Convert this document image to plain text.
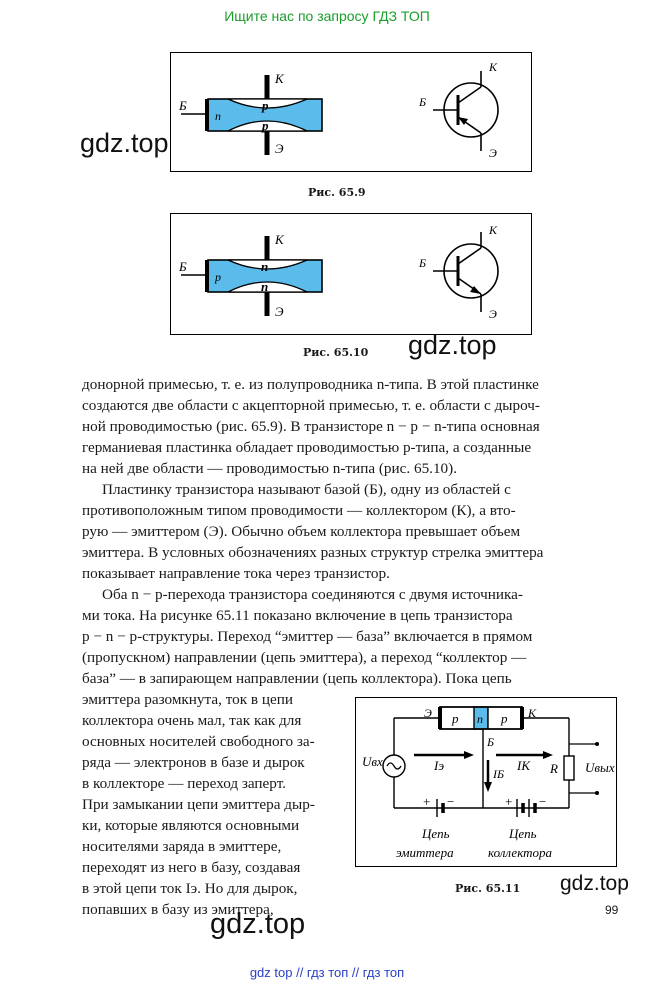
Ищите нас по запросу ГДЗ ТОП
К
Б
Э
n
p
p
К
Б
Э
gdz.top
Рис. 65.9
К
Б
Э
p
n
n
К
Б
Э
Рис. 65.10 gdz.top
донорной примесью, т. е. из полупроводника n-типа. В этой пластинке
создаются две области с акцепторной примесью, т. е. области с дыроч-
ной проводимостью (рис. 65.9). В транзисторе n − p − n-типа основная
германиевая пластинка обладает проводимостью p-типа, а созданные
на ней две области — проводимостью n-типа (рис. 65.10).
Пластинку транзистора называют базой (Б), одну из областей с
противоположным типом проводимости — коллектором (К), а вто-
рую — эмиттером (Э). Обычно объем коллектора превышает объем
эмиттера. В условных обозначениях разных структур стрелка эмиттера
показывает направление тока через транзистор.
Оба n − p-перехода транзистора соединяются с двумя источника-
ми тока. На рисунке 65.11 показано включение в цепь транзистора
p − n − p-структуры. Переход “эмиттер — база” включается в прямом
(пропускном) направлении (цепь эмиттера), а переход “коллектор —
база” — в запирающем направлении (цепь коллектора). Пока цепь
эмиттера разомкнута, ток в цепи
коллектора очень мал, так как для
основных носителей свободного за-
ряда — электронов в базе и дырок
в коллекторе — переход заперт.
При замыкании цепи эмиттера дыр-
ки, которые являются основными
носителями заряда в эмиттере,
переходят из него в базу, создавая
в этой цепи ток Iэ. Но для дырок,
попавших в базу из эмиттера,
p n p
Э	К
Uвх
+ −
Б
R Uвых
+ −
Iэ
IБ
IК
Цепь
эмиттера
Цепь
коллектора
Рис. 65.11 gdz.top
99
gdz.top
gdz top // гдз топ // гдз топ
